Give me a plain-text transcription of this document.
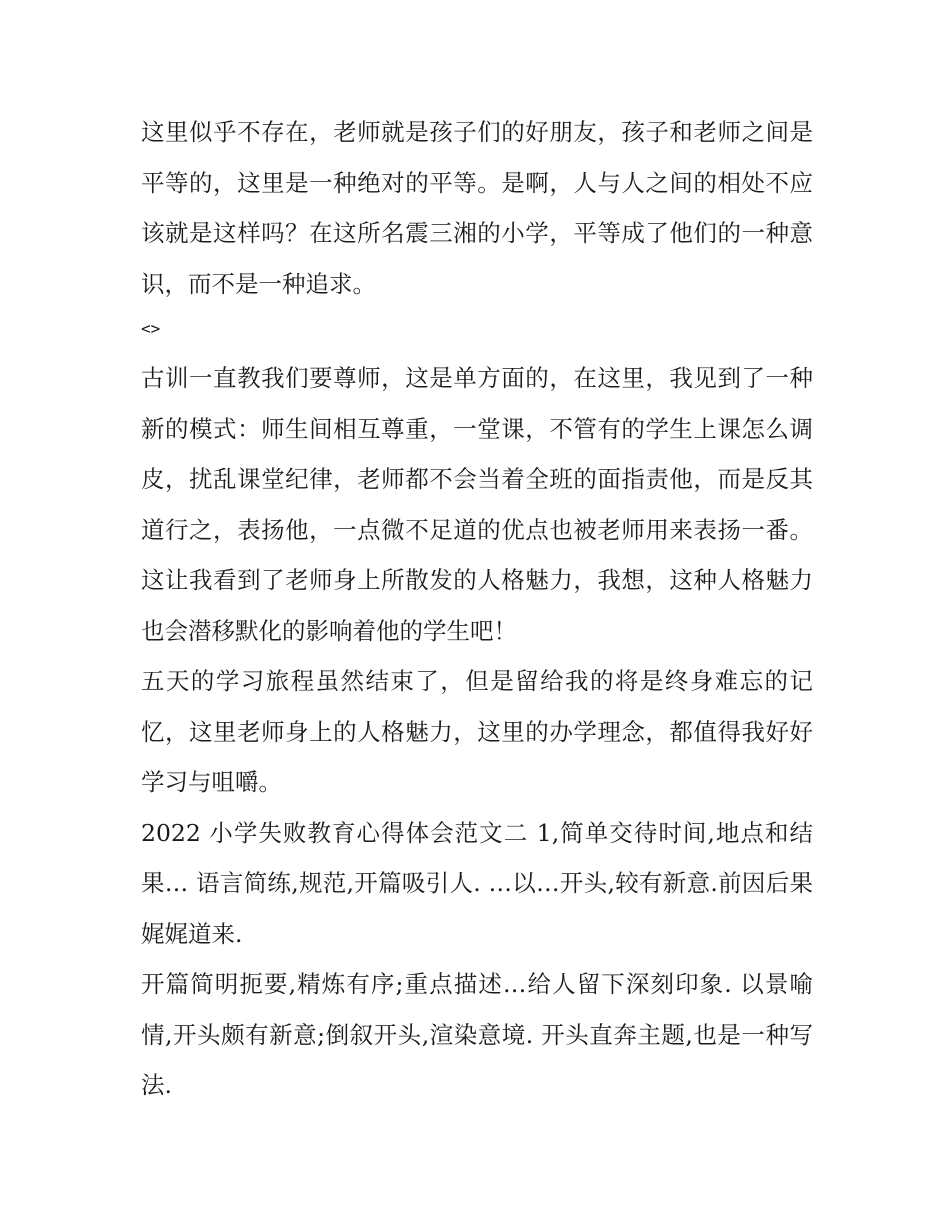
这里似乎不存在，老师就是孩子们的好朋友，孩子和老师之间是平等的，这里是一种绝对的平等。是啊，人与人之间的相处不应该就是这样吗？在这所名震三湘的小学，平等成了他们的一种意识，而不是一种追求。

<>

古训一直教我们要尊师，这是单方面的，在这里，我见到了一种新的模式：师生间相互尊重，一堂课，不管有的学生上课怎么调皮，扰乱课堂纪律，老师都不会当着全班的面指责他，而是反其道行之，表扬他，一点微不足道的优点也被老师用来表扬一番。这让我看到了老师身上所散发的人格魅力，我想，这种人格魅力也会潜移默化的影响着他的学生吧！

五天的学习旅程虽然结束了，但是留给我的将是终身难忘的记忆，这里老师身上的人格魅力，这里的办学理念，都值得我好好学习与咀嚼。

2022 小学失败教育心得体会范文二 1,简单交待时间,地点和结果… 语言简练,规范,开篇吸引人. …以…开头,较有新意.前因后果娓娓道来.

开篇简明扼要,精炼有序;重点描述…给人留下深刻印象. 以景喻情,开头颇有新意;倒叙开头,渲染意境. 开头直奔主题,也是一种写法.
